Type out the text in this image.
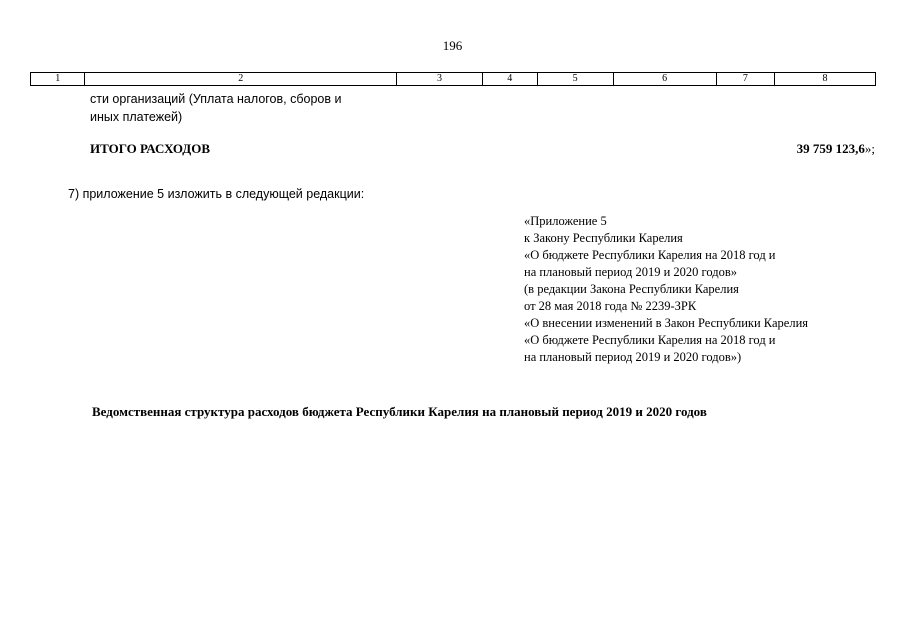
196
1	2	3	4	5	6	7	8
сти организаций (Уплата налогов, сборов и
иных платежей)
ИТОГО РАСХОДОВ	39 759 123,6»;
7) приложение 5 изложить в следующей редакции:
«Приложение 5
к Закону Республики Карелия
«О бюджете Республики Карелия на 2018 год и
на плановый период 2019 и 2020 годов»
(в редакции Закона Республики Карелия
от 28 мая 2018 года № 2239-ЗРК
«О внесении изменений в Закон Республики Карелия
«О бюджете Республики Карелия на 2018 год и
на плановый период 2019 и 2020 годов»)
Ведомственная структура расходов бюджета Республики Карелия на плановый период 2019 и 2020 годов
